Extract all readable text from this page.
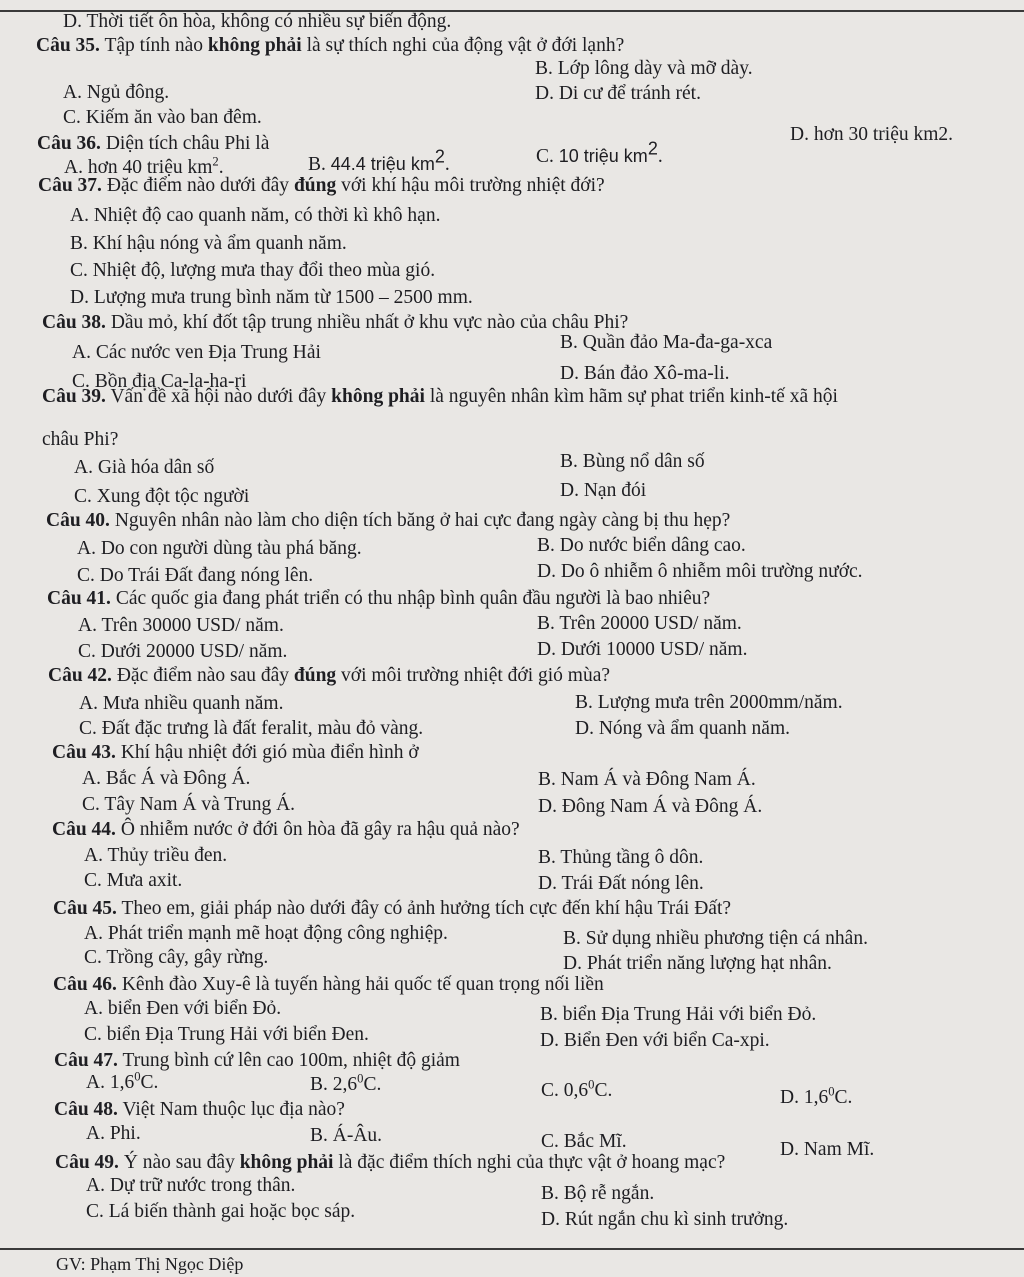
D. Thời tiết ôn hòa, không có nhiều sự biến động.
Câu 35. Tập tính nào không phải là sự thích nghi của động vật ở đới lạnh?
B. Lớp lông dày và mỡ dày.
A. Ngủ đông.	D. Di cư để tránh rét.
C. Kiếm ăn vào ban đêm.
Câu 36. Diện tích châu Phi là	D. hơn 30 triệu km2.
A. hơn 40 triệu $km^2$.	B. 44.4 triệu $km^2$.	C. 10 triệu $km^2$.
Câu 37. Đặc điểm nào dưới đây đúng với khí hậu môi trường nhiệt đới?
A. Nhiệt độ cao quanh năm, có thời kì khô hạn.
B. Khí hậu nóng và ẩm quanh năm.
C. Nhiệt độ, lượng mưa thay đổi theo mùa gió.
D. Lượng mưa trung bình năm từ 1500 – 2500 mm.
Câu 38. Dầu mỏ, khí đốt tập trung nhiều nhất ở khu vực nào của châu Phi?
A. Các nước ven Địa Trung Hải	B. Quần đảo Ma-đa-ga-xca
C. Bồn địa Ca-la-ha-ri	D. Bán đảo Xô-ma-li.
Câu 39. Vấn đề xã hội nào dưới đây không phải là nguyên nhân kìm hãm sự phat triển kinh-tế xã hội
châu Phi?
A. Già hóa dân số	B. Bùng nổ dân số
C. Xung đột tộc người	D. Nạn đói
Câu 40. Nguyên nhân nào làm cho diện tích băng ở hai cực đang ngày càng bị thu hẹp?
A. Do con người dùng tàu phá băng.	B. Do nước biển dâng cao.
C. Do Trái Đất đang nóng lên.	D. Do ô nhiễm ô nhiễm môi trường nước.
Câu 41. Các quốc gia đang phát triển có thu nhập bình quân đầu người là bao nhiêu?
A. Trên 30000 USD/ năm.	B. Trên 20000 USD/ năm.
C. Dưới 20000 USD/ năm.	D. Dưới 10000 USD/ năm.
Câu 42. Đặc điểm nào sau đây đúng với môi trường nhiệt đới gió mùa?
A. Mưa nhiều quanh năm.	B. Lượng mưa trên 2000mm/năm.
C. Đất đặc trưng là đất feralit, màu đỏ vàng.	D. Nóng và ẩm quanh năm.
Câu 43. Khí hậu nhiệt đới gió mùa điển hình ở
A. Bắc Á và Đông Á.	B. Nam Á và Đông Nam Á.
C. Tây Nam Á và Trung Á.	D. Đông Nam Á và Đông Á.
Câu 44. Ô nhiễm nước ở đới ôn hòa đã gây ra hậu quả nào?
A. Thủy triều đen.	B. Thủng tầng ô dôn.
C. Mưa axit.	D. Trái Đất nóng lên.
Câu 45. Theo em, giải pháp nào dưới đây có ảnh hưởng tích cực đến khí hậu Trái Đất?
A. Phát triển mạnh mẽ hoạt động công nghiệp.	B. Sử dụng nhiều phương tiện cá nhân.
C. Trồng cây, gây rừng.	D. Phát triển năng lượng hạt nhân.
Câu 46. Kênh đào Xuy-ê là tuyến hàng hải quốc tế quan trọng nối liền
A. biển Đen với biển Đỏ.	B. biển Địa Trung Hải với biển Đỏ.
C. biển Địa Trung Hải với biển Đen.	D. Biển Đen với biển Ca-xpi.
Câu 47. Trung bình cứ lên cao 100m, nhiệt độ giảm
A. $1,6^0C$.	B. $2,6^0C$.	C. $0,6^0C$.	D. $1,6^0C$.
Câu 48. Việt Nam thuộc lục địa nào?
A. Phi.	B. Á-Âu.	C. Bắc Mĩ.	D. Nam Mĩ.
Câu 49. Ý nào sau đây không phải là đặc điểm thích nghi của thực vật ở hoang mạc?
A. Dự trữ nước trong thân.	B. Bộ rễ ngắn.
C. Lá biến thành gai hoặc bọc sáp.	D. Rút ngắn chu kì sinh trưởng.
GV: Phạm Thị Ngọc Diệp
